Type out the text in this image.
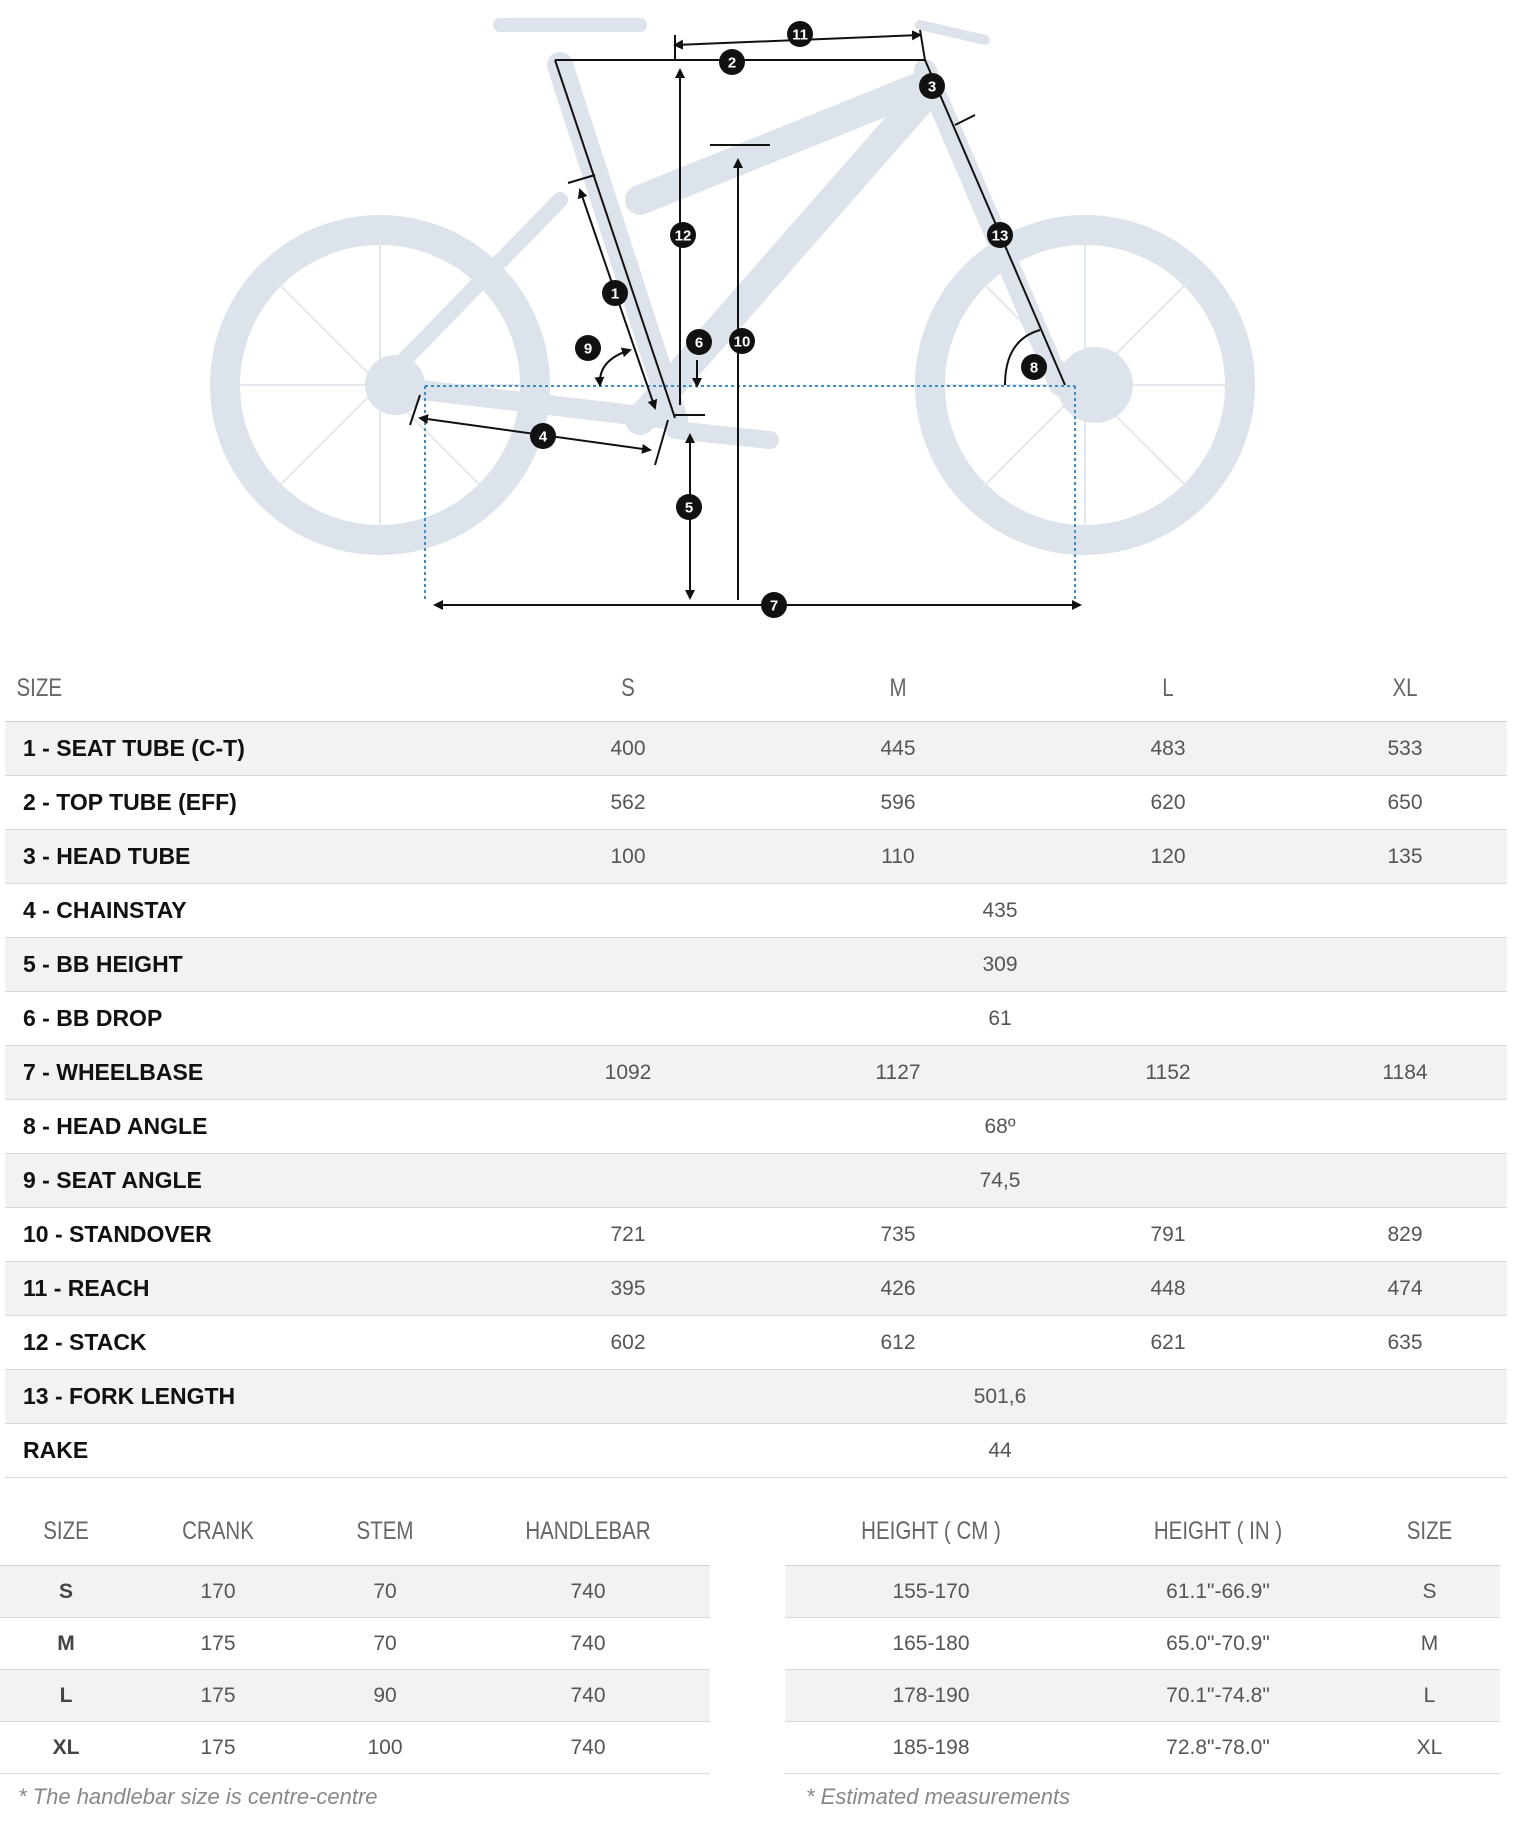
1
2
3
4
5
6
7
8
9	10
11
12	13
SIZE	S	M	L	XL
1 - SEAT TUBE (C-T)	400	445	483	533
2 - TOP TUBE (EFF)	562	596	620	650
3 - HEAD TUBE	100	110	120	135
4 - CHAINSTAY	435			
5 - BB HEIGHT	309			
6 - BB DROP	61			
7 - WHEELBASE	1092	1127	1152	1184
8 - HEAD ANGLE	68º			
9 - SEAT ANGLE	74,5			
10 - STANDOVER	721	735	791	829
11 - REACH	395	426	448	474
12 - STACK	602	612	621	635
13 - FORK LENGTH	501,6			
RAKE	44			
SIZE	CRANK	STEM	HANDLEBAR
S	170	70	740
M	175	70	740
L	175	90	740
XL	175	100	740
HEIGHT ( CM )	HEIGHT ( IN )	SIZE
155-170	61.1"-66.9"	S
165-180	65.0"-70.9"	M
178-190	70.1"-74.8"	L
185-198	72.8"-78.0"	XL
* The handlebar size is centre-centre	* Estimated measurements
